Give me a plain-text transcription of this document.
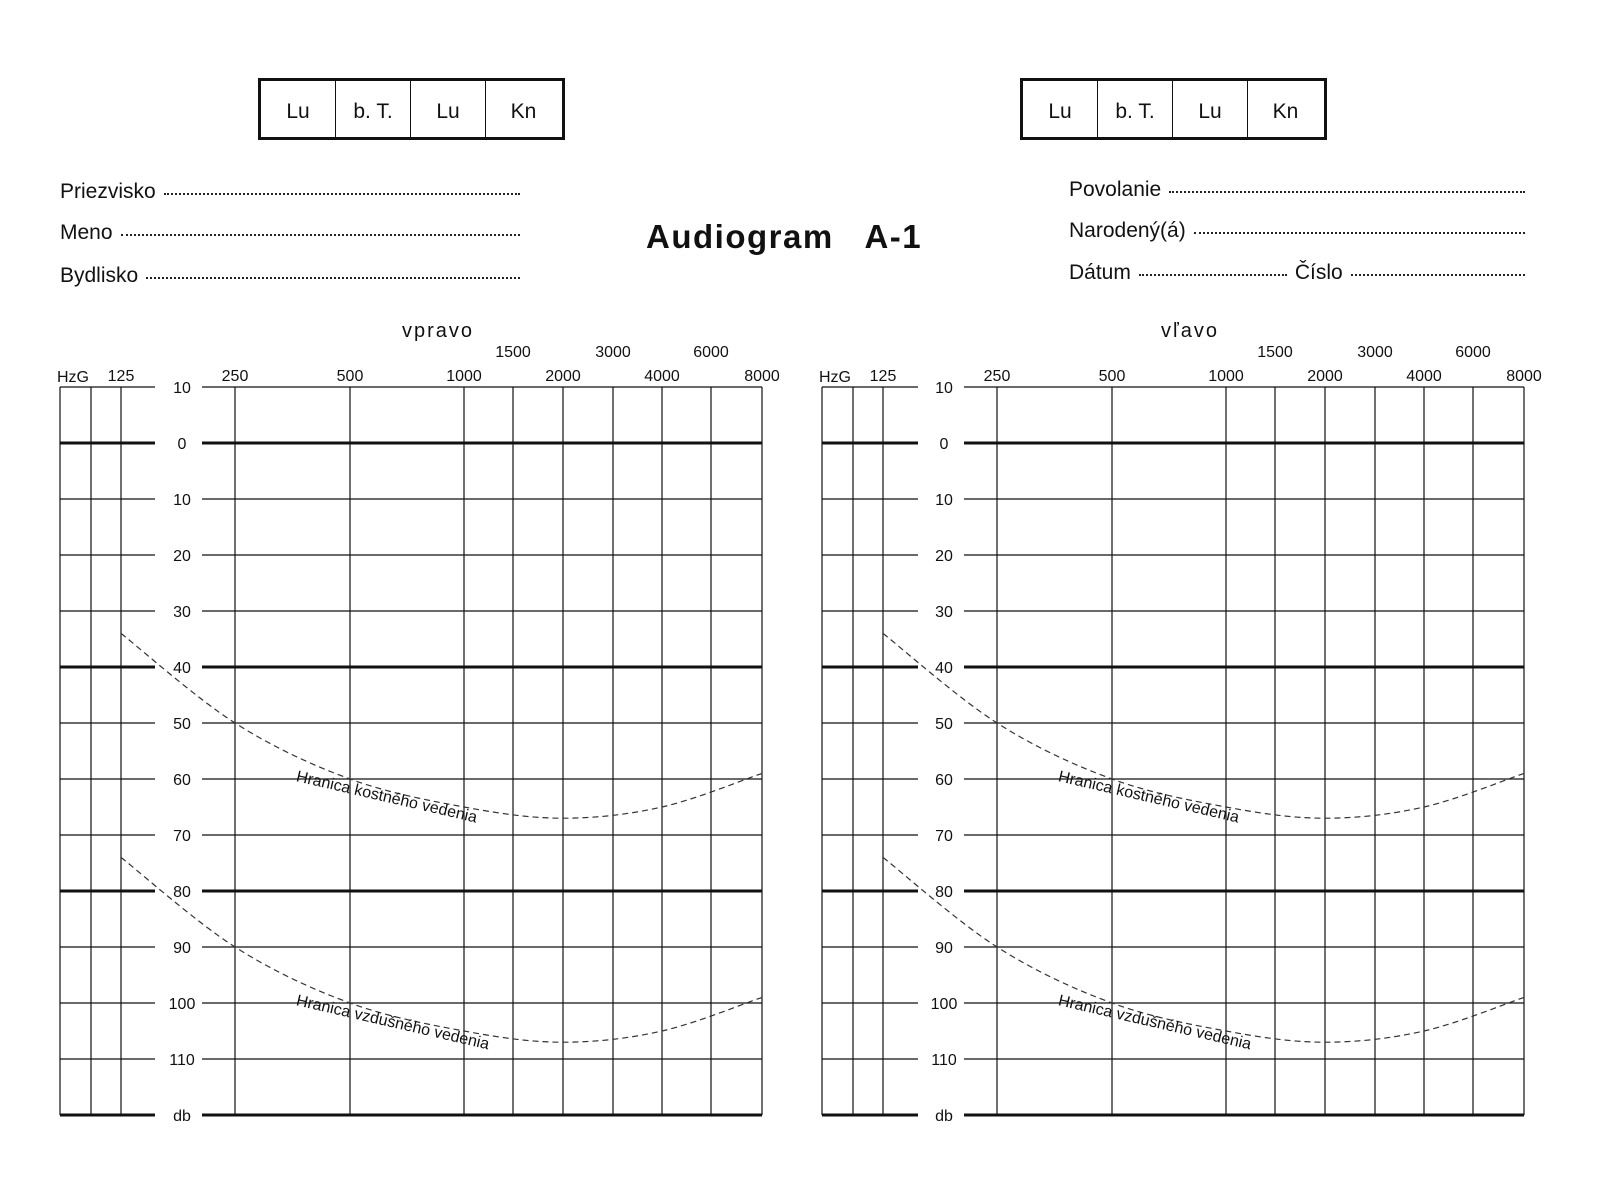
Lu	b. T.	Lu	Kn	Lu	b. T.	Lu	Kn
Priezvisko
Meno
Bydlisko
Audiogram   A-1
Povolanie
Narodený(á)
Dátum	Číslo
vpravo
HzG 125	250	500	1000
1500
2000
3000
4000
6000
8000
10
0
10
20
30
40
50
60
70
80
90
100
110
db
Hranica kostného vedenia
Hranica vzdušného vedenia
vľavo
HzG 125	250	500	1000
1500
2000
3000
4000
6000
8000
10
0
10
20
30
40
50
60
70
80
90
100
110
db
Hranica kostného vedenia
Hranica vzdušného vedenia
